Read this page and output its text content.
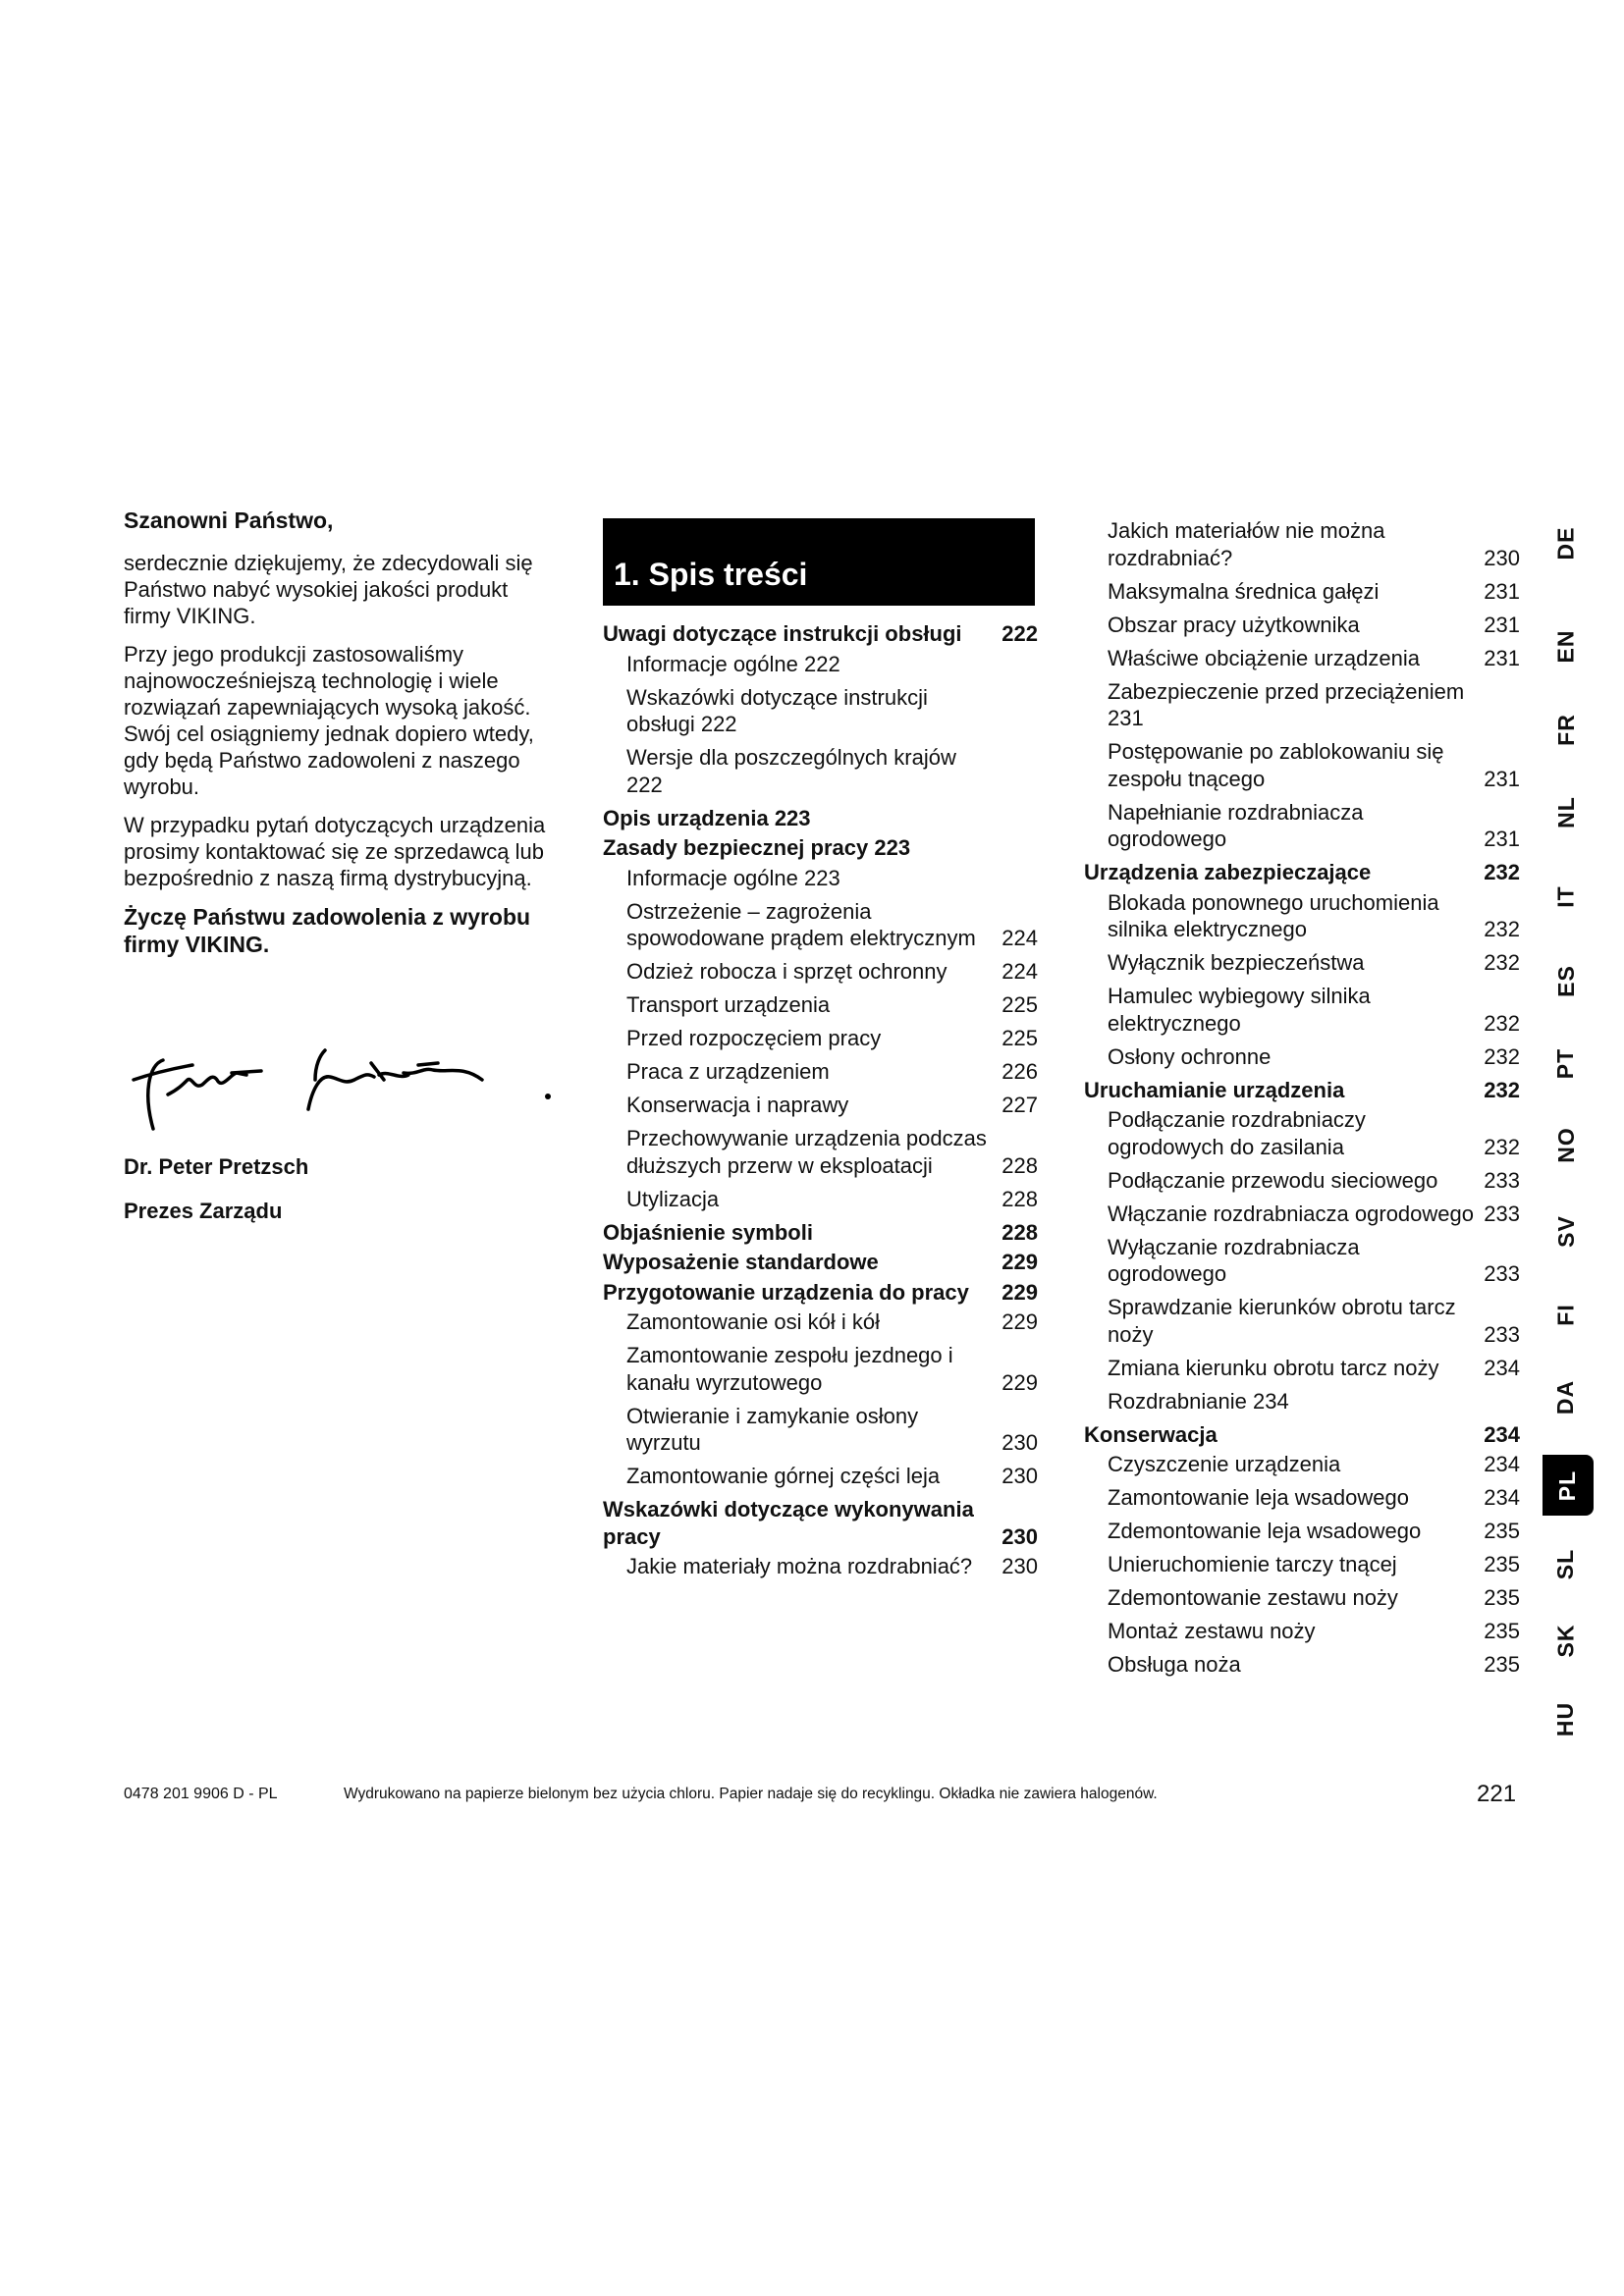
Szanowni Państwo,

serdecznie dziękujemy, że zdecydowali się Państwo nabyć wysokiej jakości produkt firmy VIKING.

Przy jego produkcji zastosowaliśmy najnowocześniejszą technologię i wiele rozwiązań zapewniających wysoką jakość. Swój cel osiągniemy jednak dopiero wtedy, gdy będą Państwo zadowoleni z naszego wyrobu.

W przypadku pytań dotyczących urządzenia prosimy kontaktować się ze sprzedawcą lub bezpośrednio z naszą firmą dystrybucyjną.

Życzę Państwu zadowolenia z wyrobu firmy VIKING.

Dr. Peter Pretzsch
Prezes Zarządu
1. Spis treści
Uwagi dotyczące instrukcji obsługi	222
Informacje ogólne 222
Wskazówki dotyczące instrukcji obsługi 222
Wersje dla poszczególnych krajów 222
Opis urządzenia 223
Zasady bezpiecznej pracy 223
Informacje ogólne 223
Ostrzeżenie – zagrożenia spowodowane prądem elektrycznym	224
Odzież robocza i sprzęt ochronny	224
Transport urządzenia	225
Przed rozpoczęciem pracy	225
Praca z urządzeniem	226
Konserwacja i naprawy	227
Przechowywanie urządzenia podczas dłuższych przerw w eksploatacji	228
Utylizacja	228
Objaśnienie symboli	228
Wyposażenie standardowe	229
Przygotowanie urządzenia do pracy	229
Zamontowanie osi kół i kół	229
Zamontowanie zespołu jezdnego i kanału wyrzutowego	229
Otwieranie i zamykanie osłony wyrzutu	230
Zamontowanie górnej części leja	230
Wskazówki dotyczące wykonywania pracy	230
Jakie materiały można rozdrabniać?	230
Jakich materiałów nie można rozdrabniać?	230
Maksymalna średnica gałęzi	231
Obszar pracy użytkownika	231
Właściwe obciążenie urządzenia	231
Zabezpieczenie przed przeciążeniem 231
Postępowanie po zablokowaniu się zespołu tnącego	231
Napełnianie rozdrabniacza ogrodowego	231
Urządzenia zabezpieczające	232
Blokada ponownego uruchomienia silnika elektrycznego	232
Wyłącznik bezpieczeństwa	232
Hamulec wybiegowy silnika elektrycznego	232
Osłony ochronne	232
Uruchamianie urządzenia	232
Podłączanie rozdrabniaczy ogrodowych do zasilania	232
Podłączanie przewodu sieciowego	233
Włączanie rozdrabniacza ogrodowego 233
Wyłączanie rozdrabniacza ogrodowego	233
Sprawdzanie kierunków obrotu tarcz noży	233
Zmiana kierunku obrotu tarcz noży	234
Rozdrabnianie 234
Konserwacja	234
Czyszczenie urządzenia	234
Zamontowanie leja wsadowego	234
Zdemontowanie leja wsadowego	235
Unieruchomienie tarczy tnącej	235
Zdemontowanie zestawu noży	235
Montaż zestawu noży	235
Obsługa noża	235
DE
EN
FR
NL
IT
ES
PT
NO
SV
FI
DA
PL
SL
SK
HU
0478 201 9906 D - PL	Wydrukowano na papierze bielonym bez użycia chloru. Papier nadaje się do recyklingu. Okładka nie zawiera halogenów.	221
